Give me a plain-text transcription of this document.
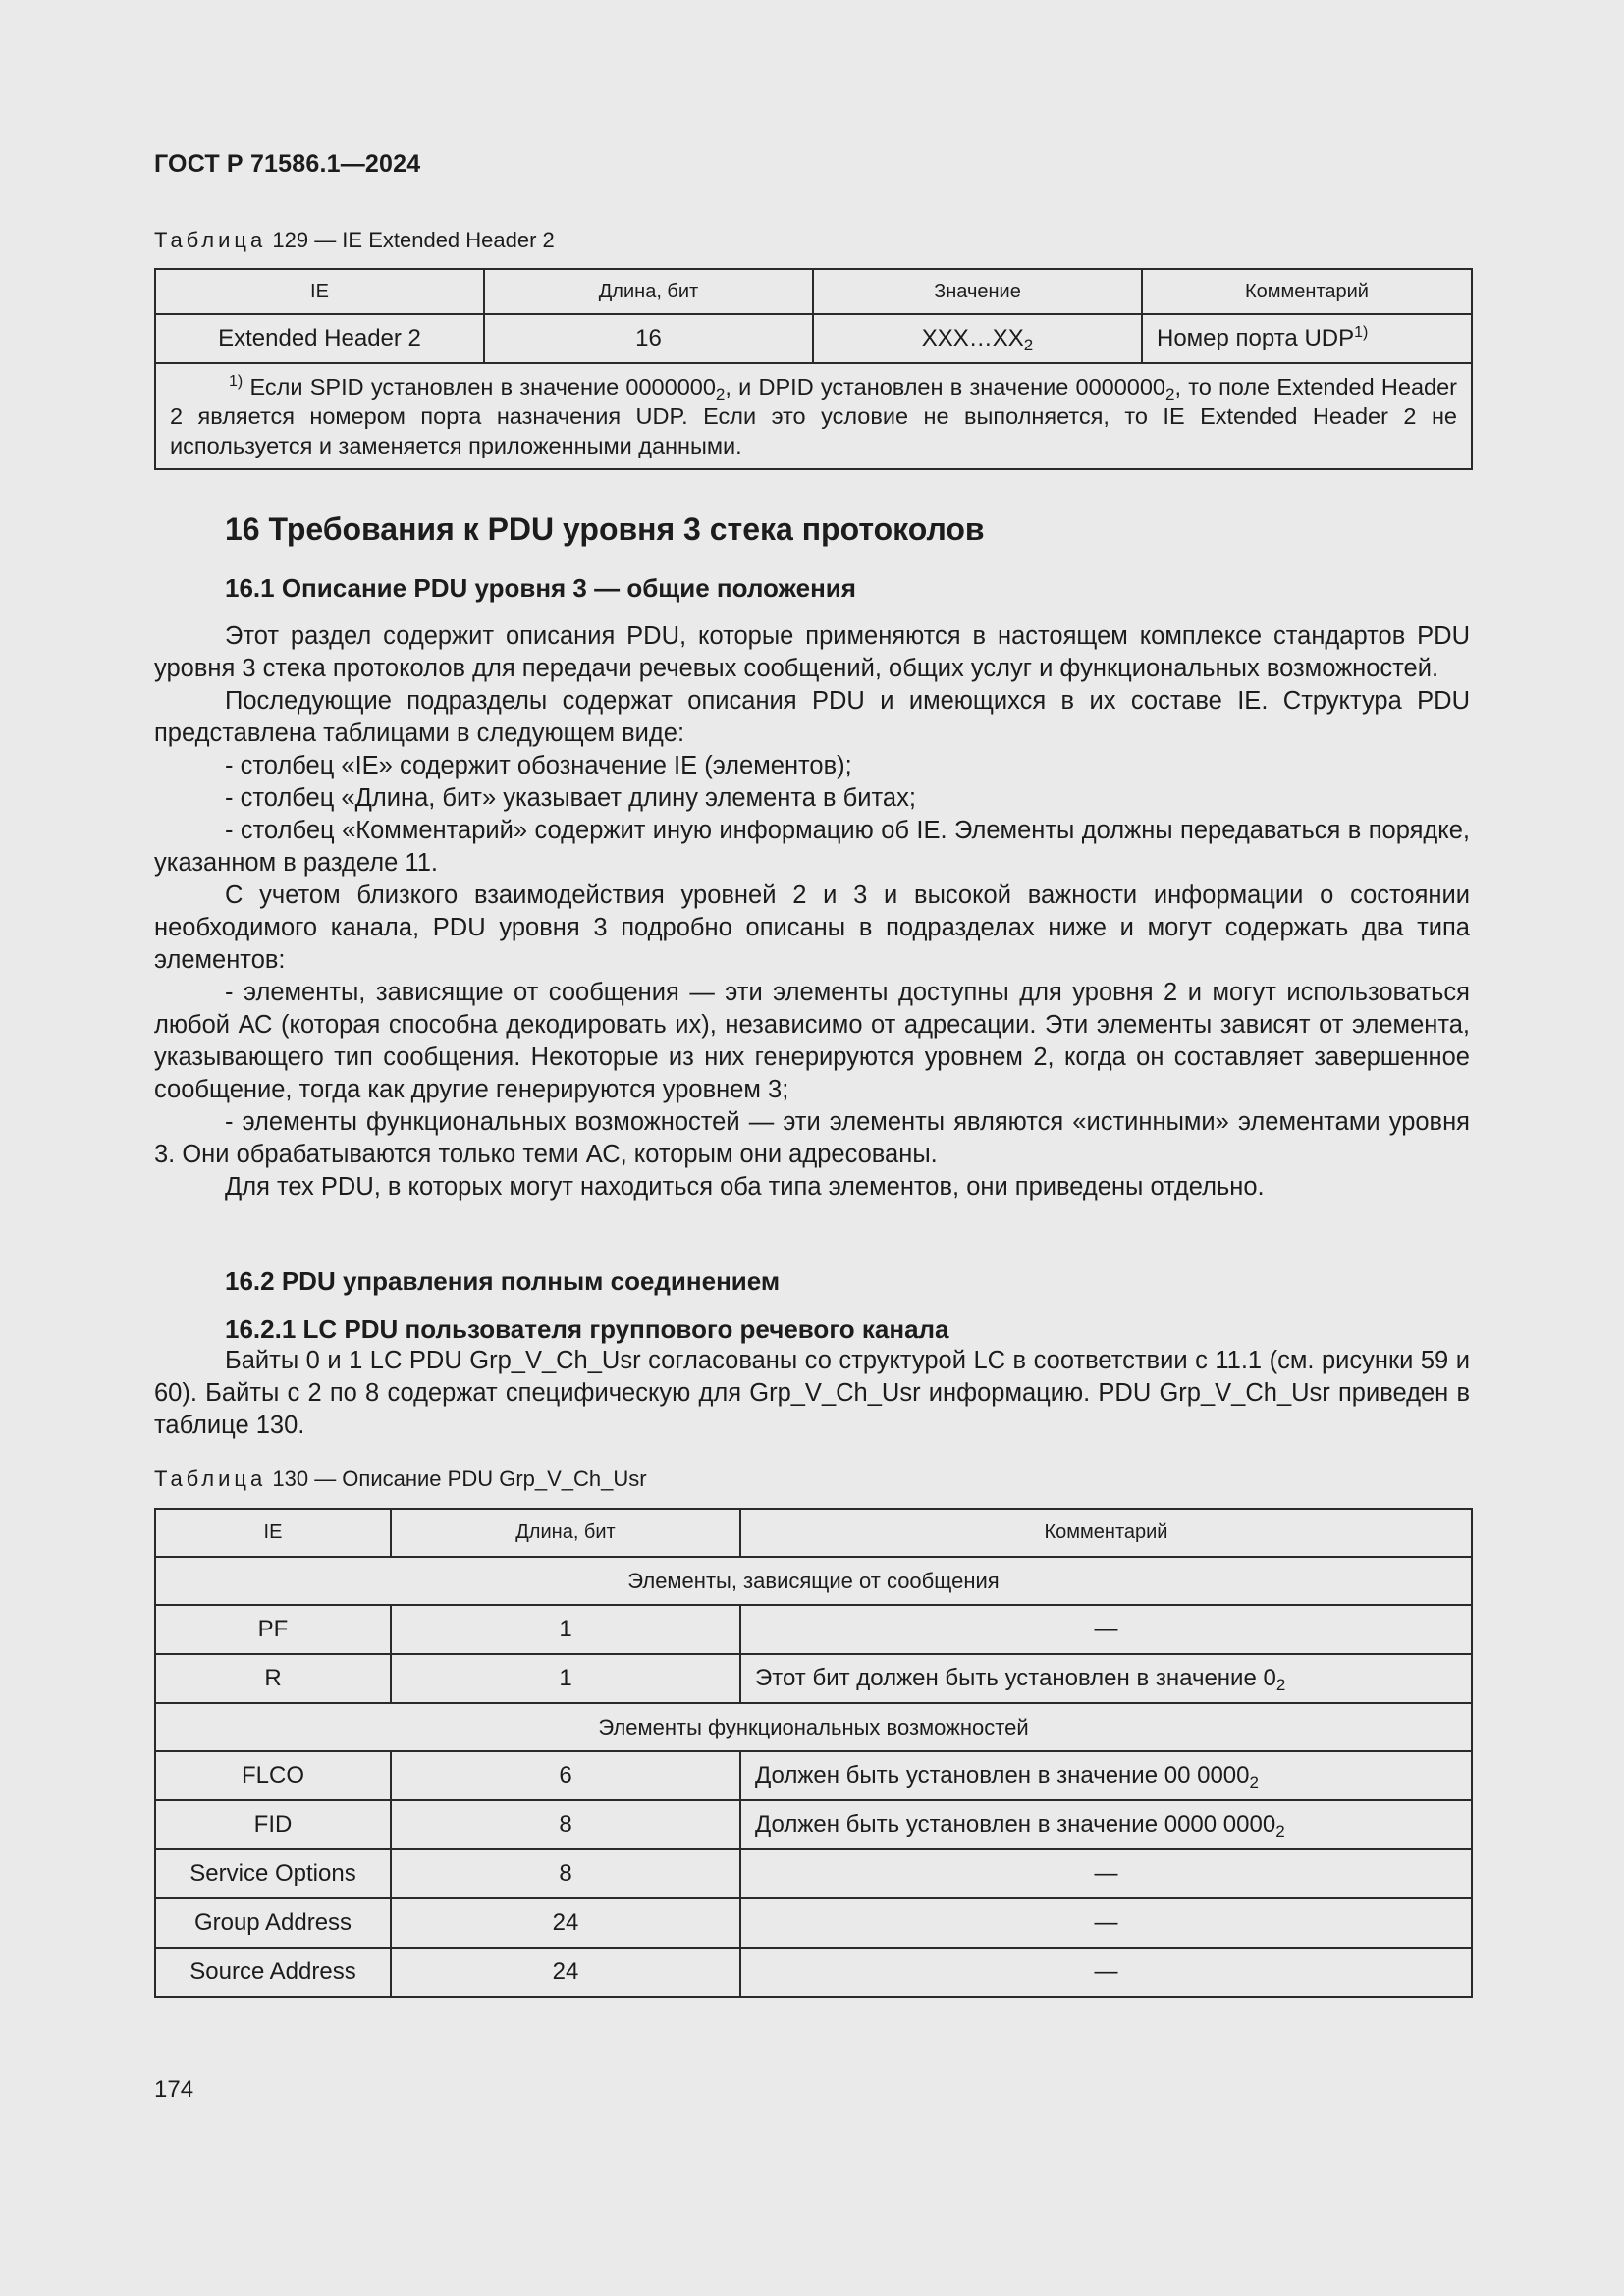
ГОСТ Р 71586.1—2024
Таблица 129 — IE Extended Header 2
IE	Длина, бит	Значение	Комментарий
Extended Header 2	16	$XXX\dots XX_2$	Номер порта UDP$^{1)}$
$^{1)}$ Если SPID установлен в значение $0000000_2$, и DPID установлен в значение $0000000_2$, то поле Extended Header 2 является номером порта назначения UDP. Если это условие не выполняется, то IE Extended Header 2 не используется и заменяется приложенными данными.			
16 Требования к PDU уровня 3 стека протоколов
16.1 Описание PDU уровня 3 — общие положения

Этот раздел содержит описания PDU, которые применяются в настоящем комплексе стандартов PDU уровня 3 стека протоколов для передачи речевых сообщений, общих услуг и функциональных возможностей.

Последующие подразделы содержат описания PDU и имеющихся в их составе IE. Структура PDU представлена таблицами в следующем виде:

- столбец «IE» содержит обозначение IE (элементов);

- столбец «Длина, бит» указывает длину элемента в битах;

- столбец «Комментарий» содержит иную информацию об IE. Элементы должны передаваться в порядке, указанном в разделе 11.

С учетом близкого взаимодействия уровней 2 и 3 и высокой важности информации о состоянии необходимого канала, PDU уровня 3 подробно описаны в подразделах ниже и могут содержать два типа элементов:

- элементы, зависящие от сообщения — эти элементы доступны для уровня 2 и могут использоваться любой АС (которая способна декодировать их), независимо от адресации. Эти элементы зависят от элемента, указывающего тип сообщения. Некоторые из них генерируются уровнем 2, когда он составляет завершенное сообщение, тогда как другие генерируются уровнем 3;

- элементы функциональных возможностей — эти элементы являются «истинными» элементами уровня 3. Они обрабатываются только теми АС, которым они адресованы.

Для тех PDU, в которых могут находиться оба типа элементов, они приведены отдельно.

16.2 PDU управления полным соединением
16.2.1 LC PDU пользователя группового речевого канала

Байты 0 и 1 LC PDU Grp_V_Ch_Usr согласованы со структурой LC в соответствии с 11.1 (см. рисунки 59 и 60). Байты с 2 по 8 содержат специфическую для Grp_V_Ch_Usr информацию. PDU Grp_V_Ch_Usr приведен в таблице 130.

Таблица 130 — Описание PDU Grp_V_Ch_Usr
IE	Длина, бит	Комментарий
Элементы, зависящие от сообщения		
PF	1	—
R	1	Этот бит должен быть установлен в значение $0_2$
Элементы функциональных возможностей		
FLCO	6	Должен быть установлен в значение 00 $0000_2$
FID	8	Должен быть установлен в значение 0000 $0000_2$
Service Options	8	—
Group Address	24	—
Source Address	24	—
174
